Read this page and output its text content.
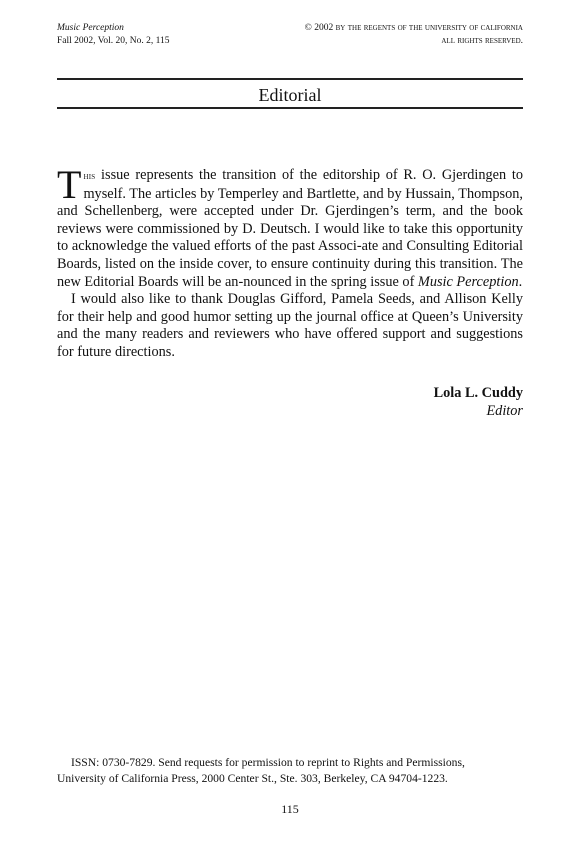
Music Perception
Fall 2002, Vol. 20, No. 2, 115
© 2002 by the regents of the university of california
all rights reserved.
Editorial

This issue represents the transition of the editorship of R. O. Gjerdingen to myself. The articles by Temperley and Bartlette, and by Hussain, Thompson, and Schellenberg, were accepted under Dr. Gjerdingen’s term, and the book reviews were commissioned by D. Deutsch. I would like to take this opportunity to acknowledge the valued efforts of the past Associ-ate and Consulting Editorial Boards, listed on the inside cover, to ensure continuity during this transition. The new Editorial Boards will be an-nounced in the spring issue of Music Perception.

I would also like to thank Douglas Gifford, Pamela Seeds, and Allison Kelly for their help and good humor setting up the journal office at Queen’s University and the many readers and reviewers who have offered support and suggestions for future directions.

Lola L. Cuddy
Editor
ISSN: 0730-7829. Send requests for permission to reprint to Rights and Permissions,
University of California Press, 2000 Center St., Ste. 303, Berkeley, CA 94704-1223.
115
